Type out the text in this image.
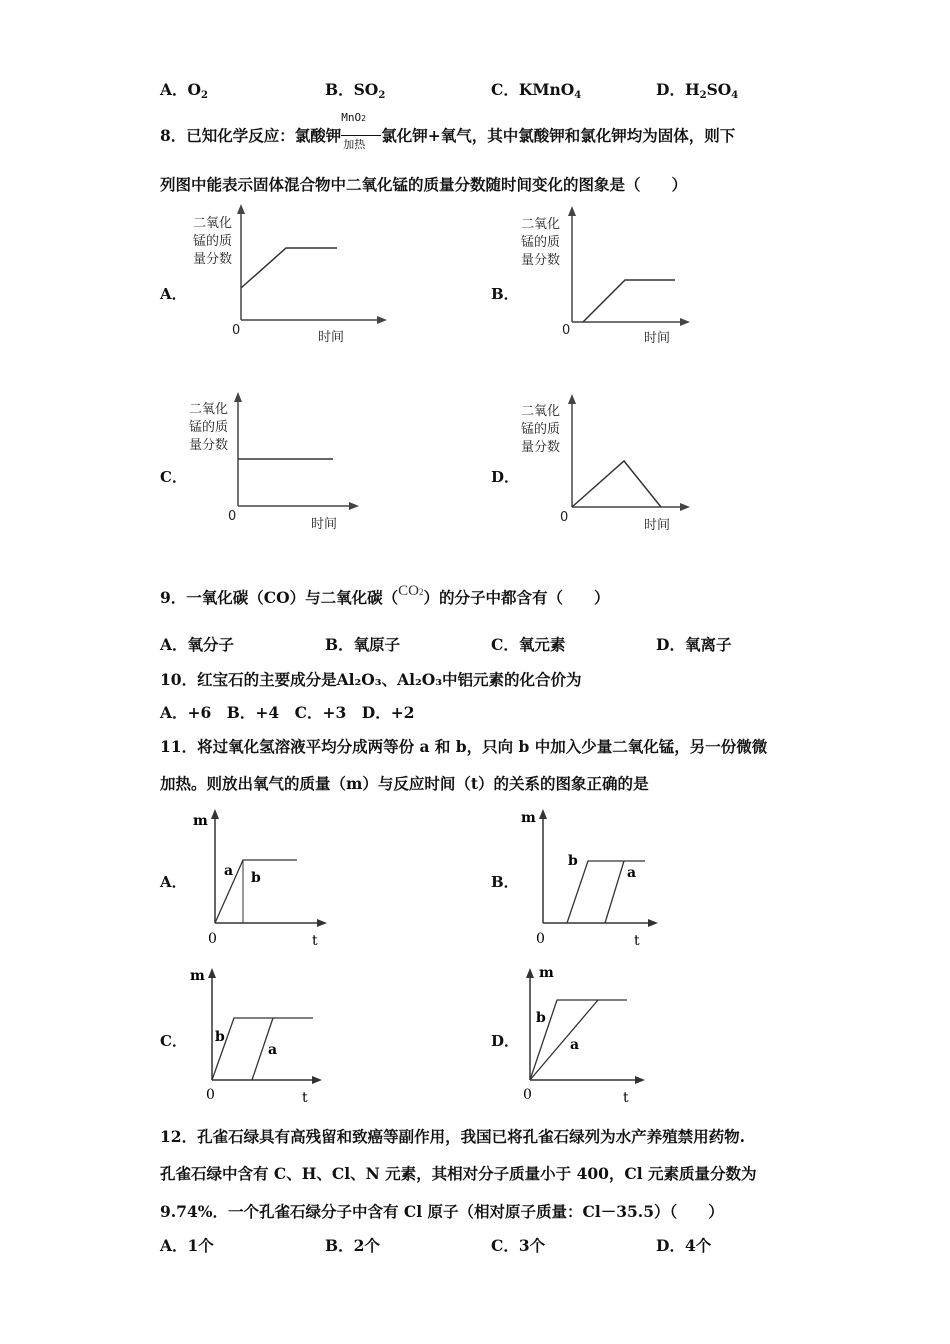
A．$O_2$	B．$SO_2$	C．KMnO$_4$	D．$H_2SO_4$
8．已知化学反应：氯酸钾 $\frac{\text{MnO2}}{\text{加热}}$ 氯化钾+氧气，其中氯酸钾和氯化钾均为固体，则下
列图中能表示固体混合物中二氧化锰的质量分数随时间变化的图象是（　　）
A．	B．
C．	D．
二氧化
锰的质
量分数
0	时间
二氧化
锰的质
量分数
0
时间
二氧化
锰的质
量分数
0
时间
二氧化
锰的质
量分数
0
时间
9．一氧化碳（CO）与二氧化碳（CO2）的分子中都含有（　　）
A．氧分子	B．氧原子	C．氧元素	D．氧离子
10．红宝石的主要成分是Al₂O₃、Al₂O₃中铝元素的化合价为
A．+6　B．+4　C．+3　D．+2
11．将过氧化氢溶液平均分成两等份 a 和 b，只向 b 中加入少量二氧化锰，另一份微微
加热。则放出氧气的质量（m）与反应时间（t）的关系的图象正确的是
A．	B．
C．	D．
m
a b
0	t
m
b
a
0	t
m
b
a
0	t
m
b
a
0	t
12．孔雀石绿具有高残留和致癌等副作用，我国已将孔雀石绿列为水产养殖禁用药物.
孔雀石绿中含有 C、H、Cl、N 元素，其相对分子质量小于 400，Cl 元素质量分数为
9.74%．一个孔雀石绿分子中含有 Cl 原子（相对原子质量：Cl－35.5）（　　）
A．1个	B．2个	C．3个	D．4个
